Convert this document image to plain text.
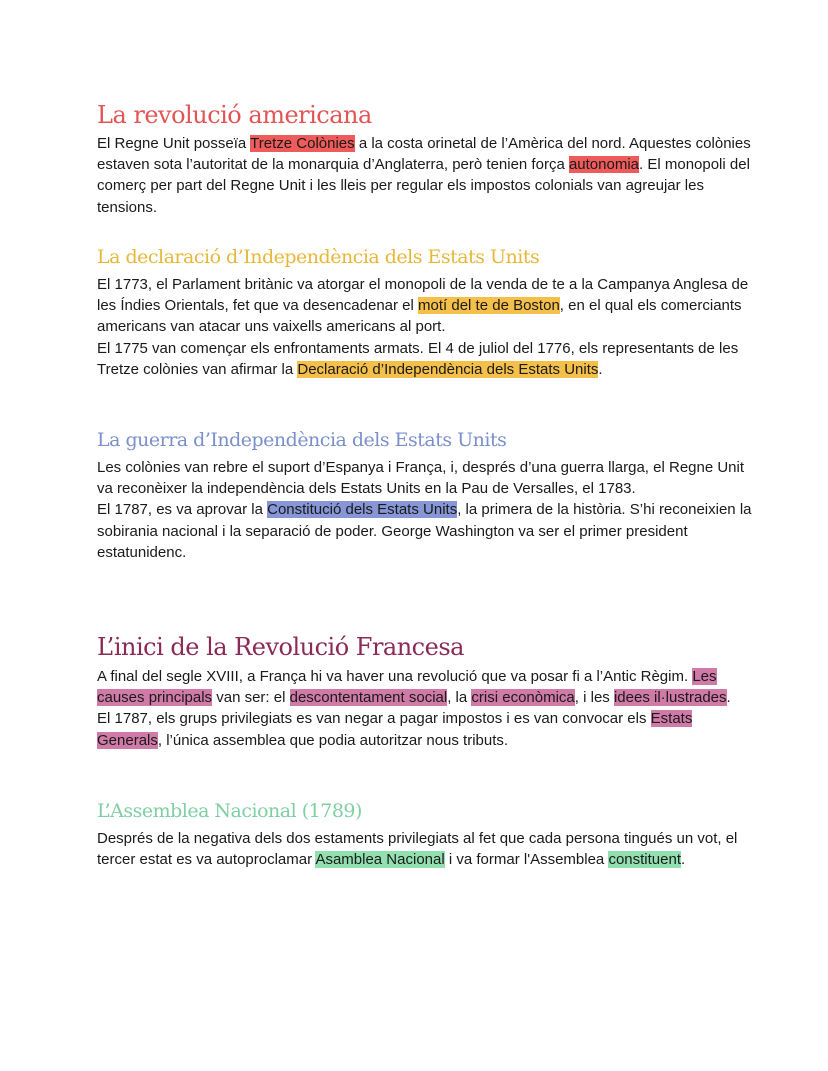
La revolució americana

El Regne Unit posseïa Tretze Colònies a la costa orinetal de l’Amèrica del nord. Aquestes colònies estaven sota l’autoritat de la monarquia d’Anglaterra, però tenien força autonomia. El monopoli del comerç per part del Regne Unit i les lleis per regular els impostos colonials van agreujar les tensions.

La declaració d’Independència dels Estats Units

El 1773, el Parlament britànic va atorgar el monopoli de la venda de te a la Campanya Anglesa de les Índies Orientals, fet que va desencadenar el motí del te de Boston, en el qual els comerciants americans van atacar uns vaixells americans al port.

El 1775 van començar els enfrontaments armats. El 4 de juliol del 1776, els representants de les Tretze colònies van afirmar la Declaració d’Independència dels Estats Units.

La guerra d’Independència dels Estats Units

Les colònies van rebre el suport d’Espanya i França, i, després d’una guerra llarga, el Regne Unit va reconèixer la independència dels Estats Units en la Pau de Versalles, el 1783.

El 1787, es va aprovar la Constitució dels Estats Units, la primera de la història. S’hi reconeixien la sobirania nacional i la separació de poder. George Washington va ser el primer president estatunidenc.

L’inici de la Revolució Francesa

A final del segle XVIII, a França hi va haver una revolució que va posar fi a l’Antic Règim. Les causes principals van ser: el descontentament social, la crisi econòmica, i les idees il·lustrades.

El 1787, els grups privilegiats es van negar a pagar impostos i es van convocar els Estats Generals, l’única assemblea que podia autoritzar nous tributs.

L’Assemblea Nacional (1789)

Després de la negativa dels dos estaments privilegiats al fet que cada persona tingués un vot, el tercer estat es va autoproclamar Asamblea Nacional i va formar l'Assemblea constituent.
